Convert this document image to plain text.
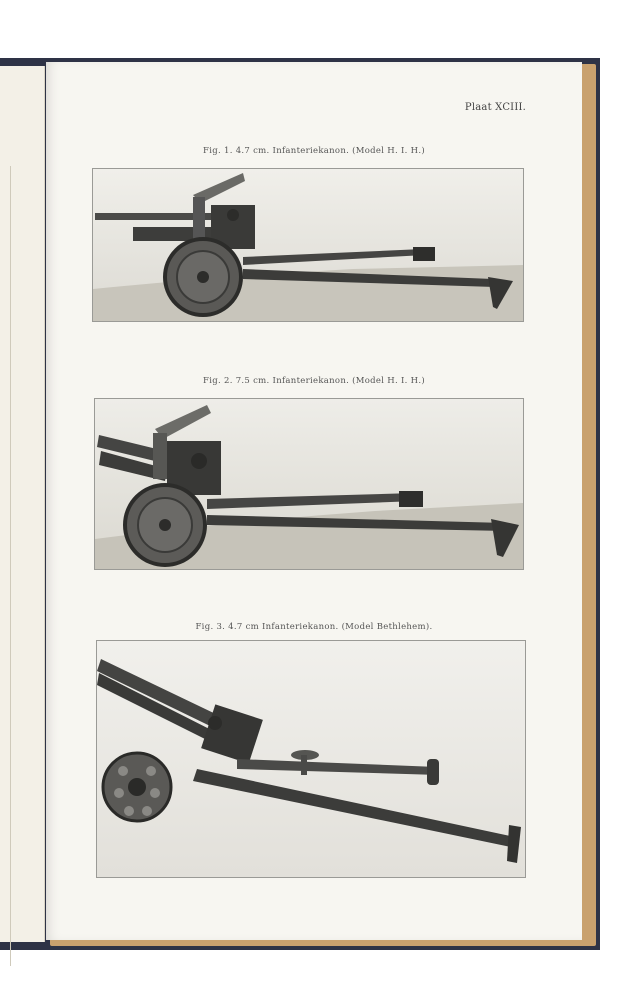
Plaat XCIII.
Fig. 1. 4.7 cm. Infanteriekanon. (Model H. I. H.)
Fig. 2. 7.5 cm. Infanteriekanon. (Model H. I. H.)
Fig. 3. 4.7 cm Infanteriekanon. (Model Bethlehem).
